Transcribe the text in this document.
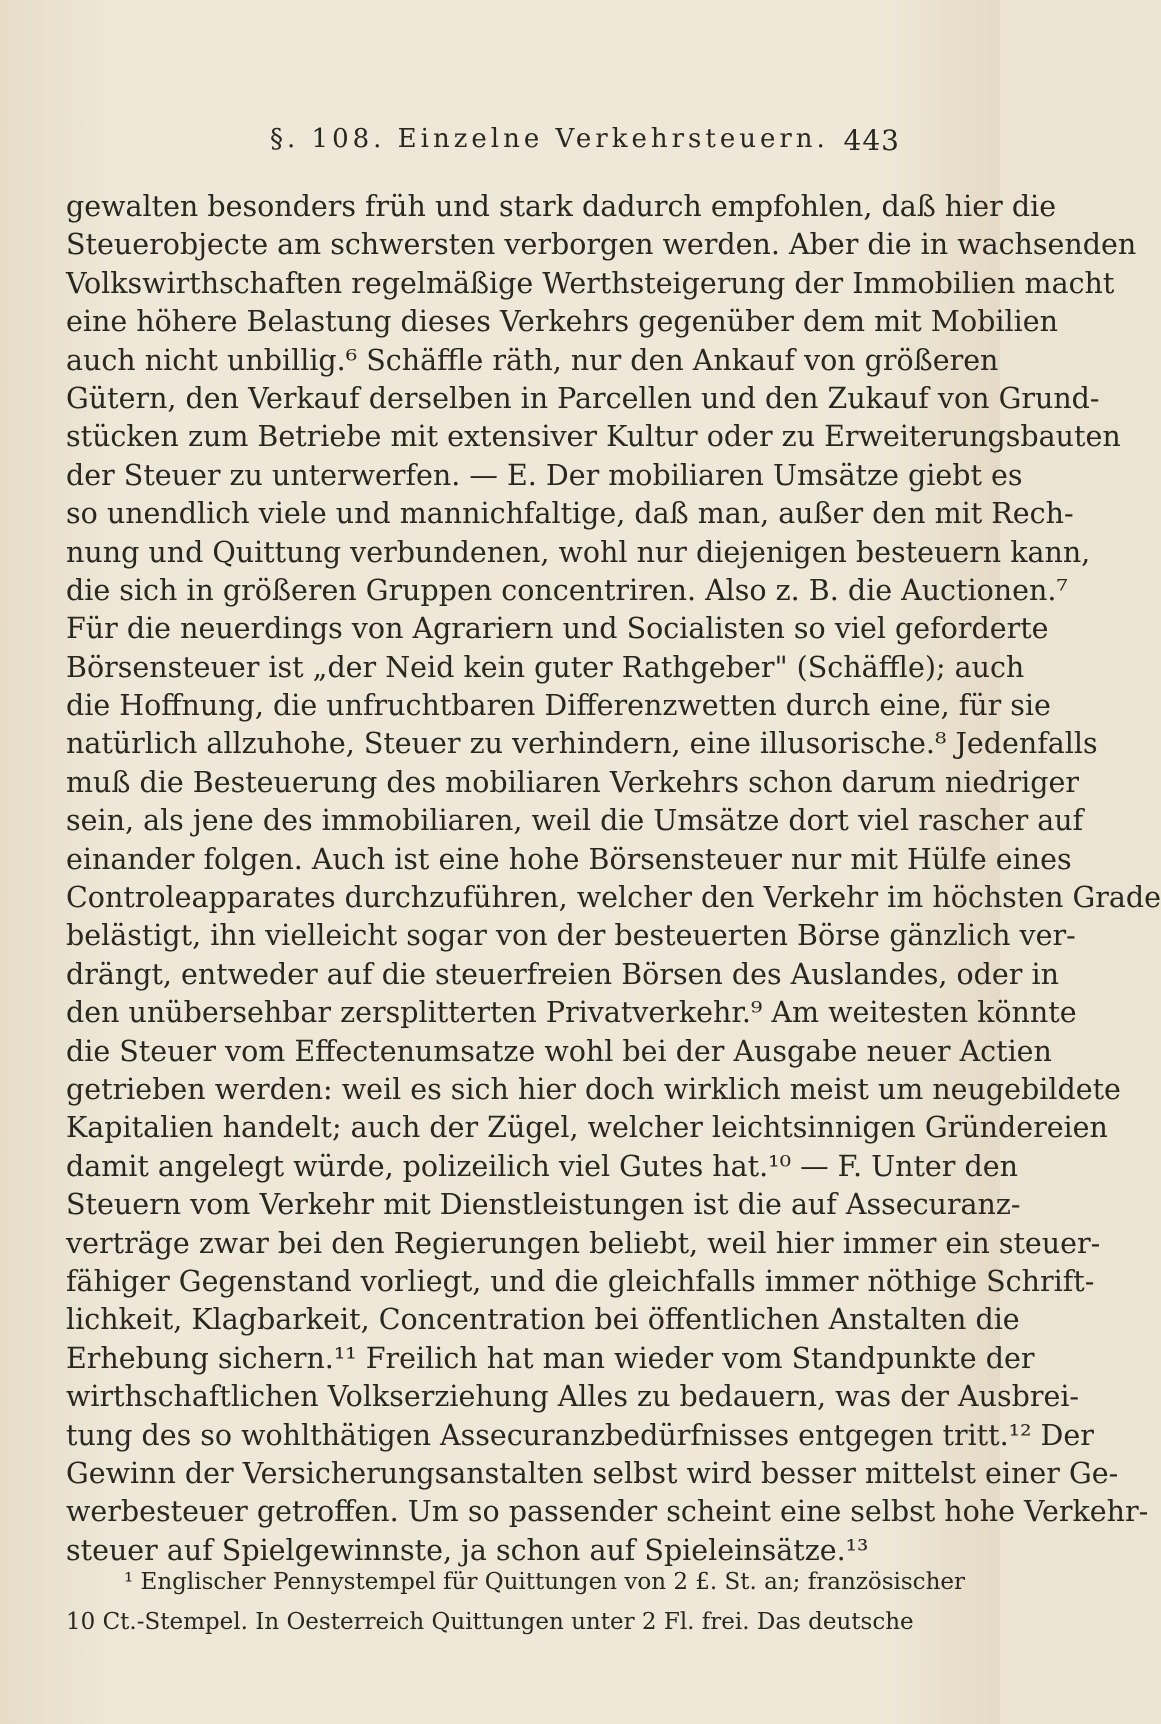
§. 108. Einzelne Verkehrsteuern. 443
gewalten besonders früh und stark dadurch empfohlen, daß hier die
Steuerobjecte am schwersten verborgen werden. Aber die in wachsenden
Volkswirthschaften regelmäßige Werthsteigerung der Immobilien macht
eine höhere Belastung dieses Verkehrs gegenüber dem mit Mobilien
auch nicht unbillig.⁶ Schäffle räth, nur den Ankauf von größeren
Gütern, den Verkauf derselben in Parcellen und den Zukauf von Grund-
stücken zum Betriebe mit extensiver Kultur oder zu Erweiterungsbauten
der Steuer zu unterwerfen. — E. Der mobiliaren Umsätze giebt es
so unendlich viele und mannichfaltige, daß man, außer den mit Rech-
nung und Quittung verbundenen, wohl nur diejenigen besteuern kann,
die sich in größeren Gruppen concentriren. Also z. B. die Auctionen.⁷
Für die neuerdings von Agrariern und Socialisten so viel geforderte
Börsensteuer ist „der Neid kein guter Rathgeber" (Schäffle); auch
die Hoffnung, die unfruchtbaren Differenzwetten durch eine, für sie
natürlich allzuhohe, Steuer zu verhindern, eine illusorische.⁸ Jedenfalls
muß die Besteuerung des mobiliaren Verkehrs schon darum niedriger
sein, als jene des immobiliaren, weil die Umsätze dort viel rascher auf
einander folgen. Auch ist eine hohe Börsensteuer nur mit Hülfe eines
Controleapparates durchzuführen, welcher den Verkehr im höchsten Grade
belästigt, ihn vielleicht sogar von der besteuerten Börse gänzlich ver-
drängt, entweder auf die steuerfreien Börsen des Auslandes, oder in
den unübersehbar zersplitterten Privatverkehr.⁹ Am weitesten könnte
die Steuer vom Effectenumsatze wohl bei der Ausgabe neuer Actien
getrieben werden: weil es sich hier doch wirklich meist um neugebildete
Kapitalien handelt; auch der Zügel, welcher leichtsinnigen Gründereien
damit angelegt würde, polizeilich viel Gutes hat.¹⁰ — F. Unter den
Steuern vom Verkehr mit Dienstleistungen ist die auf Assecuranz-
verträge zwar bei den Regierungen beliebt, weil hier immer ein steuer-
fähiger Gegenstand vorliegt, und die gleichfalls immer nöthige Schrift-
lichkeit, Klagbarkeit, Concentration bei öffentlichen Anstalten die
Erhebung sichern.¹¹ Freilich hat man wieder vom Standpunkte der
wirthschaftlichen Volkserziehung Alles zu bedauern, was der Ausbrei-
tung des so wohlthätigen Assecuranzbedürfnisses entgegen tritt.¹² Der
Gewinn der Versicherungsanstalten selbst wird besser mittelst einer Ge-
werbesteuer getroffen. Um so passender scheint eine selbst hohe Verkehr-
steuer auf Spielgewinnste, ja schon auf Spieleinsätze.¹³
¹ Englischer Pennystempel für Quittungen von 2 £. St. an; französischer
10 Ct.-Stempel. In Oesterreich Quittungen unter 2 Fl. frei. Das deutsche
